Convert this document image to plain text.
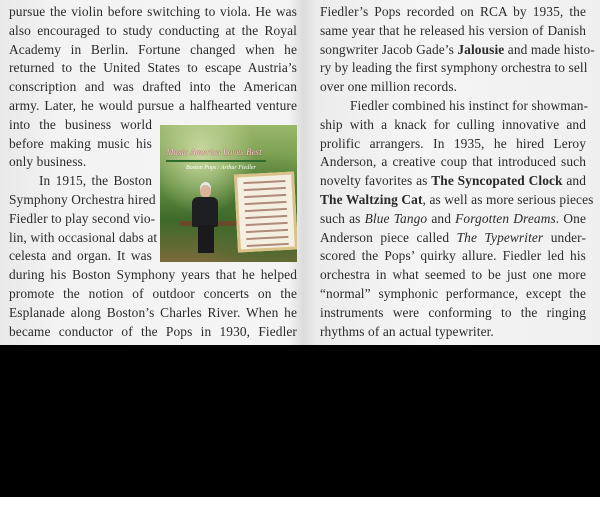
pursue the violin before switching to viola. He was
also encouraged to study conducting at the Royal
Academy in Berlin. Fortune changed when he
returned to the United States to escape Austria’s
conscription and was drafted into the American
army. Later, he would pursue a halfhearted venture
into the business world
before making music his
only business.
In 1915, the Boston
Symphony Orchestra hired
Fiedler to play second vio-
lin, with occasional dabs at
celesta and organ. It was
during his Boston Symphony years that he helped
promote the notion of outdoor concerts on the
Esplanade along Boston’s Charles River. When he
became conductor of the Pops in 1930, Fiedler
Fiedler’s Pops recorded on RCA by 1935, the
same year that he released his version of Danish
songwriter Jacob Gade’s Jalousie and made histo-
ry by leading the first symphony orchestra to sell
over one million records.
Fiedler combined his instinct for showman-
ship with a knack for culling innovative and
prolific arrangers. In 1935, he hired Leroy
Anderson, a creative coup that introduced such
novelty favorites as The Syncopated Clock and
The Waltzing Cat, as well as more serious pieces
such as Blue Tango and Forgotten Dreams. One
Anderson piece called The Typewriter under-
scored the Pops’ quirky allure. Fiedler led his
orchestra in what seemed to be just one more
“normal” symphonic performance, except the
instruments were conforming to the ringing
rhythms of an actual typewriter.
Music America Loves Best
Boston Pops / Arthur Fiedler
